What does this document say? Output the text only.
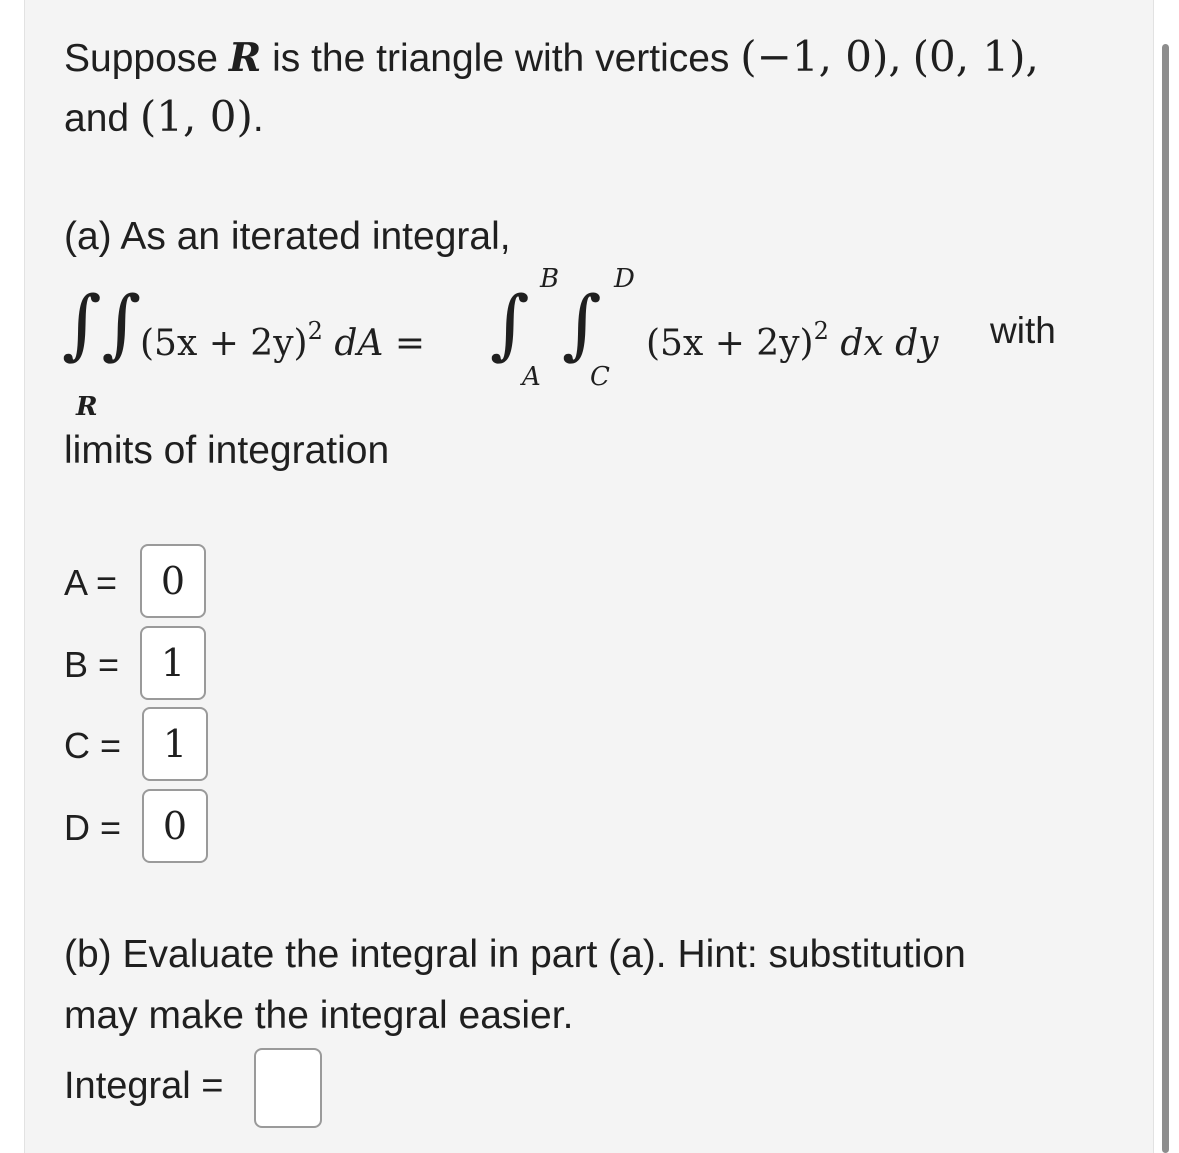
Suppose R is the triangle with vertices (−1, 0), (0, 1),
and (1, 0).
(a) As an iterated integral,
∫∫
R
$(5x + 2y)^2$ dA = ∫ B
A
∫ D
C
$(5x + 2y)^2$ dx dy with
limits of integration
A =	0
B =	1
C =	1
D =	0
(b) Evaluate the integral in part (a). Hint: substitution
may make the integral easier.
Integral =
